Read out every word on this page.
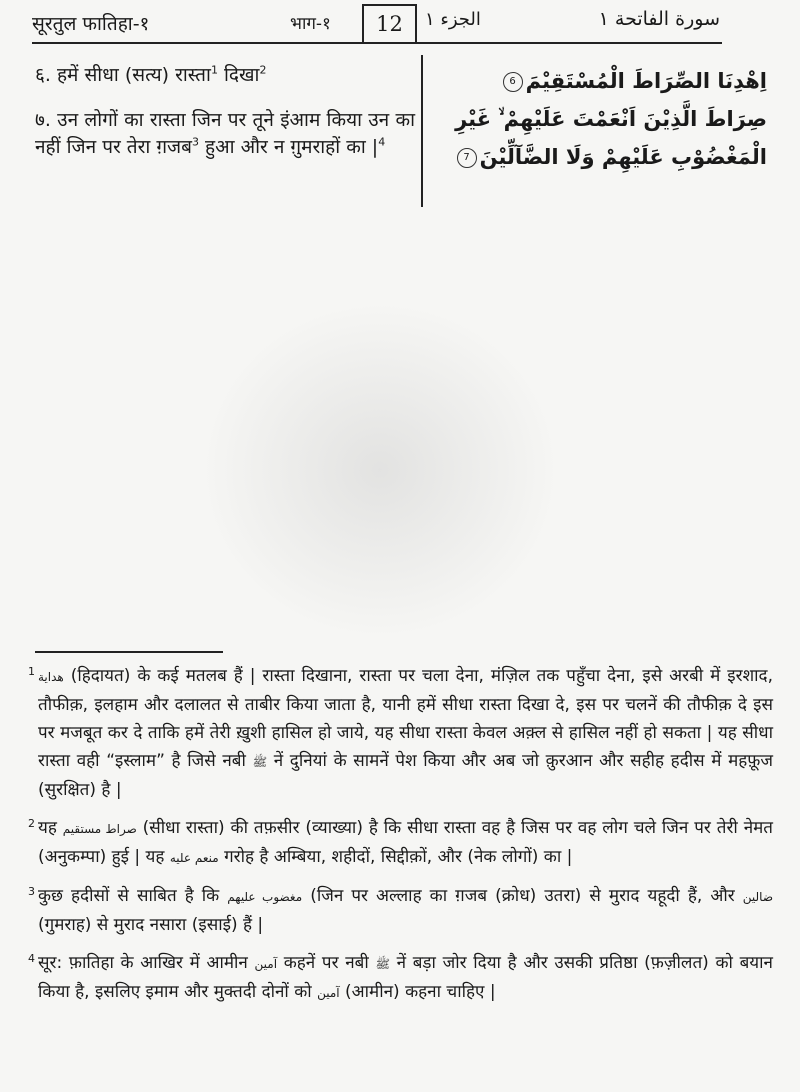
सूरतुल फातिहा-१	भाग-१	12	الجزء ١	سورة الفاتحة ١

६. हमें सीधा (सत्य) रास्ता$^1$ दिखा$^2$

७. उन लोगों का रास्ता जिन पर तूने इंआम किया उन का नहीं जिन पर तेरा ग़जब$^3$ हुआ और न ग़ुमराहों का $|^4$

اِهْدِنَا الصِّرَاطَ الْمُسْتَقِيْمَ6
صِرَاطَ الَّذِيْنَ اَنْعَمْتَ عَلَيْهِمْ ۙ غَيْرِ
الْمَغْضُوْبِ عَلَيْهِمْ وَلَا الضَّآلِّيْنَ7
1 هداية (हिदायत) के कई मतलब हैं | रास्ता दिखाना, रास्ता पर चला देना, मंज़िल तक पहुँचा देना, इसे अरबी में इरशाद, तौफीक़, इलहाम और दलालत से ताबीर किया जाता है, यानी हमें सीधा रास्ता दिखा दे, इस पर चलनें की तौफीक़ दे इस पर मजबूत कर दे ताकि हमें तेरी ख़ुशी हासिल हो जाये, यह सीधा रास्ता केवल अक़्ल से हासिल नहीं हो सकता | यह सीधा रास्ता वही “इस्लाम” है जिसे नबी ﷺ नें दुनियां के सामनें पेश किया और अब जो क़ुरआन और सहीह हदीस में महफ़ूज (सुरक्षित) है |
2 यह صراط مستقيم (सीधा रास्ता) की तफ़सीर (व्याख्या) है कि सीधा रास्ता वह है जिस पर वह लोग चले जिन पर तेरी नेमत (अनुकम्पा) हुई | यह منعم عليه गरोह है अम्बिया, शहीदों, सिद्दीक़ों, और (नेक लोगों) का |
3 कुछ हदीसों से साबित है कि مغضوب عليهم (जिन पर अल्लाह का ग़जब (क्रोध) उतरा) से मुराद यहूदी हैं, और ضالين (गुमराह) से मुराद नसारा (इसाई) हैं |
4 सूर: फ़ातिहा के आखिर में आमीन آمين कहनें पर नबी ﷺ नें बड़ा जोर दिया है और उसकी प्रतिष्ठा (फ़ज़ीलत) को बयान किया है, इसलिए इमाम और मुक्तदी दोनों को آمين (आमीन) कहना चाहिए |
